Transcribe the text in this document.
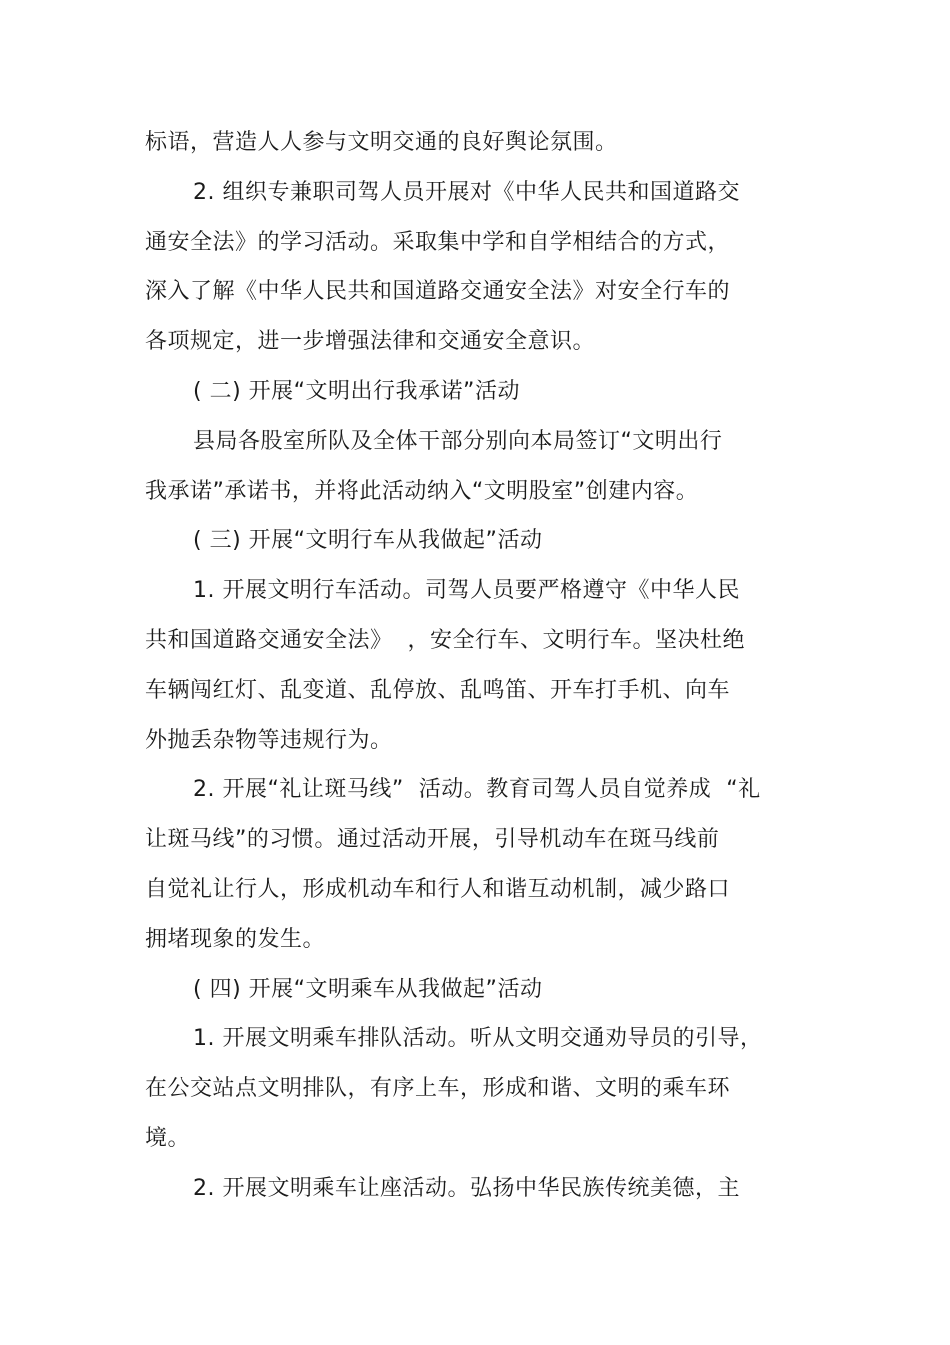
标语，营造人人参与文明交通的良好舆论氛围。
2. 组织专兼职司驾人员开展对《中华人民共和国道路交
通安全法》的学习活动。采取集中学和自学相结合的方式，
深入了解《中华人民共和国道路交通安全法》对安全行车的
各项规定，进一步增强法律和交通安全意识。
( 二) 开展“文明出行我承诺”活动
县局各股室所队及全体干部分别向本局签订“文明出行
我承诺”承诺书，并将此活动纳入“文明股室”创建内容。
( 三) 开展“文明行车从我做起”活动
1. 开展文明行车活动。司驾人员要严格遵守《中华人民
共和国道路交通安全法》  ，安全行车、文明行车。坚决杜绝
车辆闯红灯、乱变道、乱停放、乱鸣笛、开车打手机、向车
外抛丢杂物等违规行为。
2. 开展“礼让斑马线”  活动。教育司驾人员自觉养成  “礼
让斑马线”的习惯。通过活动开展，引导机动车在斑马线前
自觉礼让行人，形成机动车和行人和谐互动机制，减少路口
拥堵现象的发生。
( 四) 开展“文明乘车从我做起”活动
1. 开展文明乘车排队活动。听从文明交通劝导员的引导，
在公交站点文明排队，有序上车，形成和谐、文明的乘车环
境。
2. 开展文明乘车让座活动。弘扬中华民族传统美德，主
